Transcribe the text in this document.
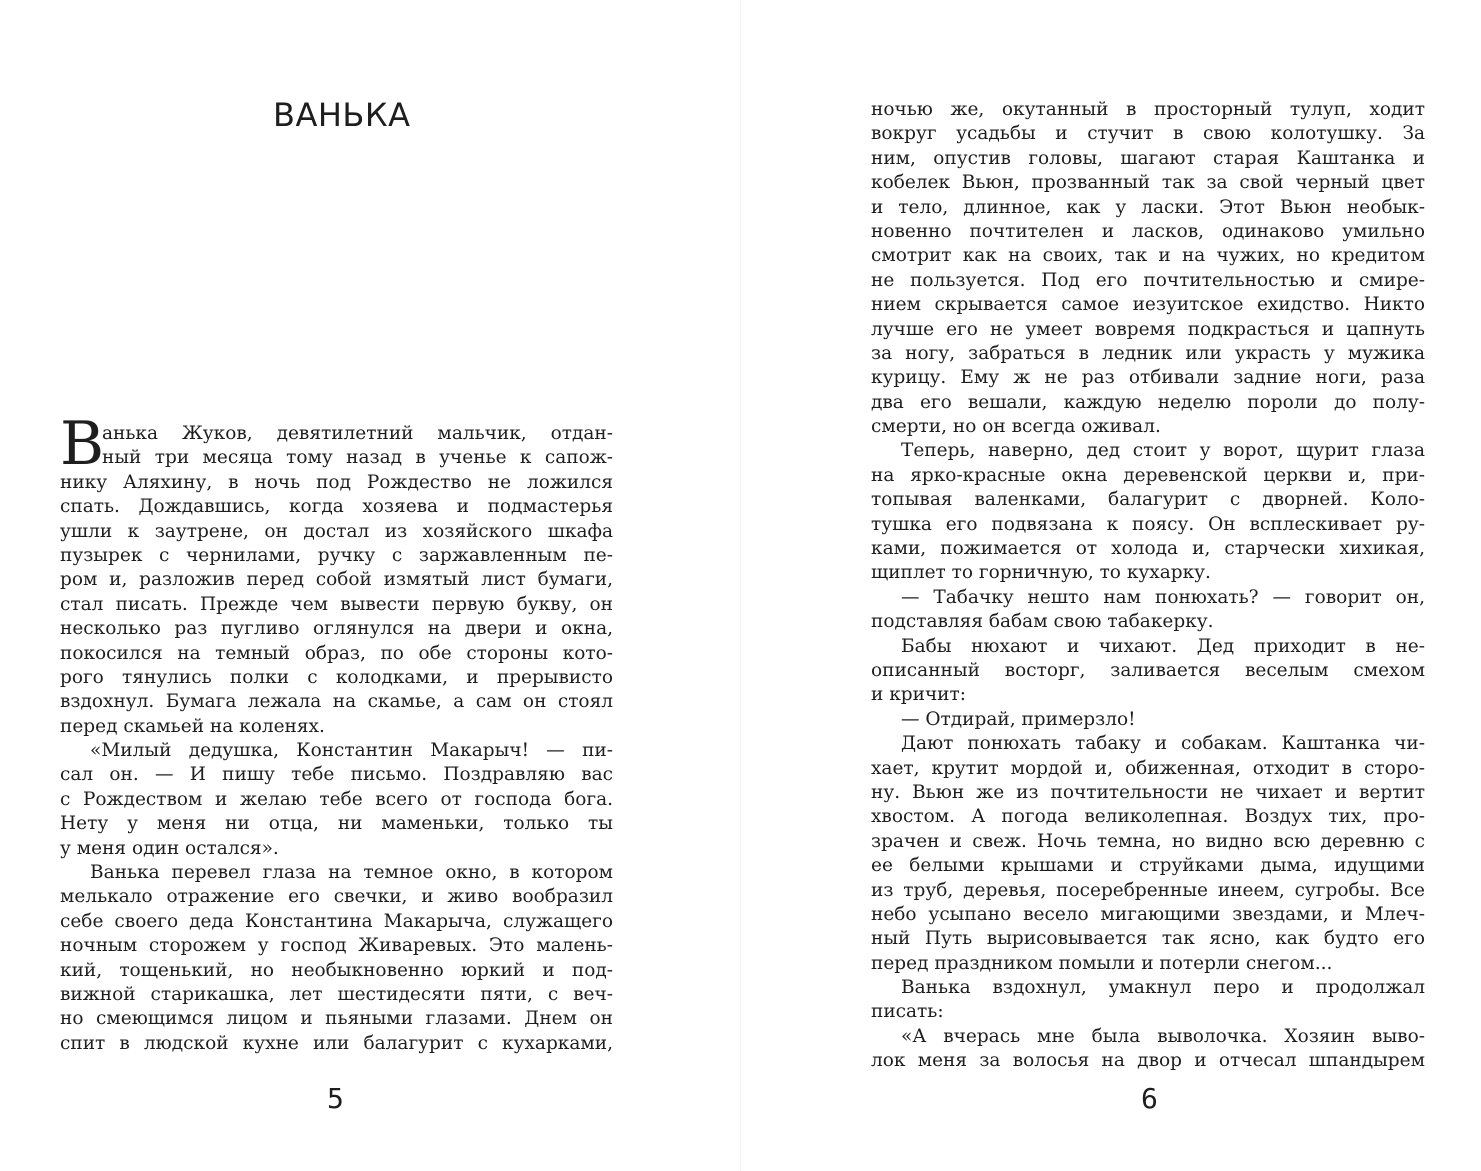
ВАНЬКА
В
анька Жуков, девятилетний мальчик, отдан-
ный три месяца тому назад в ученье к сапож-
нику Аляхину, в ночь под Рождество не ложился
спать. Дождавшись, когда хозяева и подмастерья
ушли к заутрене, он достал из хозяйского шкафа
пузырек с чернилами, ручку с заржавленным пе-
ром и, разложив перед собой измятый лист бумаги,
стал писать. Прежде чем вывести первую букву, он
несколько раз пугливо оглянулся на двери и окна,
покосился на темный образ, по обе стороны кото-
рого тянулись полки с колодками, и прерывисто
вздохнул. Бумага лежала на скамье, а сам он стоял
перед скамьей на коленях.
«Милый дедушка, Константин Макарыч! — пи-
сал он. — И пишу тебе письмо. Поздравляю вас
с Рождеством и желаю тебе всего от господа бога.
Нету у меня ни отца, ни маменьки, только ты
у меня один остался».
Ванька перевел глаза на темное окно, в котором
мелькало отражение его свечки, и живо вообразил
себе своего деда Константина Макарыча, служащего
ночным сторожем у господ Живаревых. Это малень-
кий, тощенький, но необыкновенно юркий и под-
вижной старикашка, лет шестидесяти пяти, с веч-
но смеющимся лицом и пьяными глазами. Днем он
спит в людской кухне или балагурит с кухарками,
5
ночью же, окутанный в просторный тулуп, ходит
вокруг усадьбы и стучит в свою колотушку. За
ним, опустив головы, шагают старая Каштанка и
кобелек Вьюн, прозванный так за свой черный цвет
и тело, длинное, как у ласки. Этот Вьюн необык-
новенно почтителен и ласков, одинаково умильно
смотрит как на своих, так и на чужих, но кредитом
не пользуется. Под его почтительностью и смире-
нием скрывается самое иезуитское ехидство. Никто
лучше его не умеет вовремя подкрасться и цапнуть
за ногу, забраться в ледник или украсть у мужика
курицу. Ему ж не раз отбивали задние ноги, раза
два его вешали, каждую неделю пороли до полу-
смерти, но он всегда оживал.
Теперь, наверно, дед стоит у ворот, щурит глаза
на ярко-красные окна деревенской церкви и, при-
топывая валенками, балагурит с дворней. Коло-
тушка его подвязана к поясу. Он всплескивает ру-
ками, пожимается от холода и, старчески хихикая,
щиплет то горничную, то кухарку.
— Табачку нешто нам понюхать? — говорит он,
подставляя бабам свою табакерку.
Бабы нюхают и чихают. Дед приходит в не-
описанный восторг, заливается веселым смехом
и кричит:
— Отдирай, примерзло!
Дают понюхать табаку и собакам. Каштанка чи-
хает, крутит мордой и, обиженная, отходит в сторо-
ну. Вьюн же из почтительности не чихает и вертит
хвостом. А погода великолепная. Воздух тих, про-
зрачен и свеж. Ночь темна, но видно всю деревню с
ее белыми крышами и струйками дыма, идущими
из труб, деревья, посеребренные инеем, сугробы. Все
небо усыпано весело мигающими звездами, и Млеч-
ный Путь вырисовывается так ясно, как будто его
перед праздником помыли и потерли снегом...
Ванька вздохнул, умакнул перо и продолжал
писать:
«А вчерась мне была выволочка. Хозяин выво-
лок меня за волосья на двор и отчесал шпандырем
6
